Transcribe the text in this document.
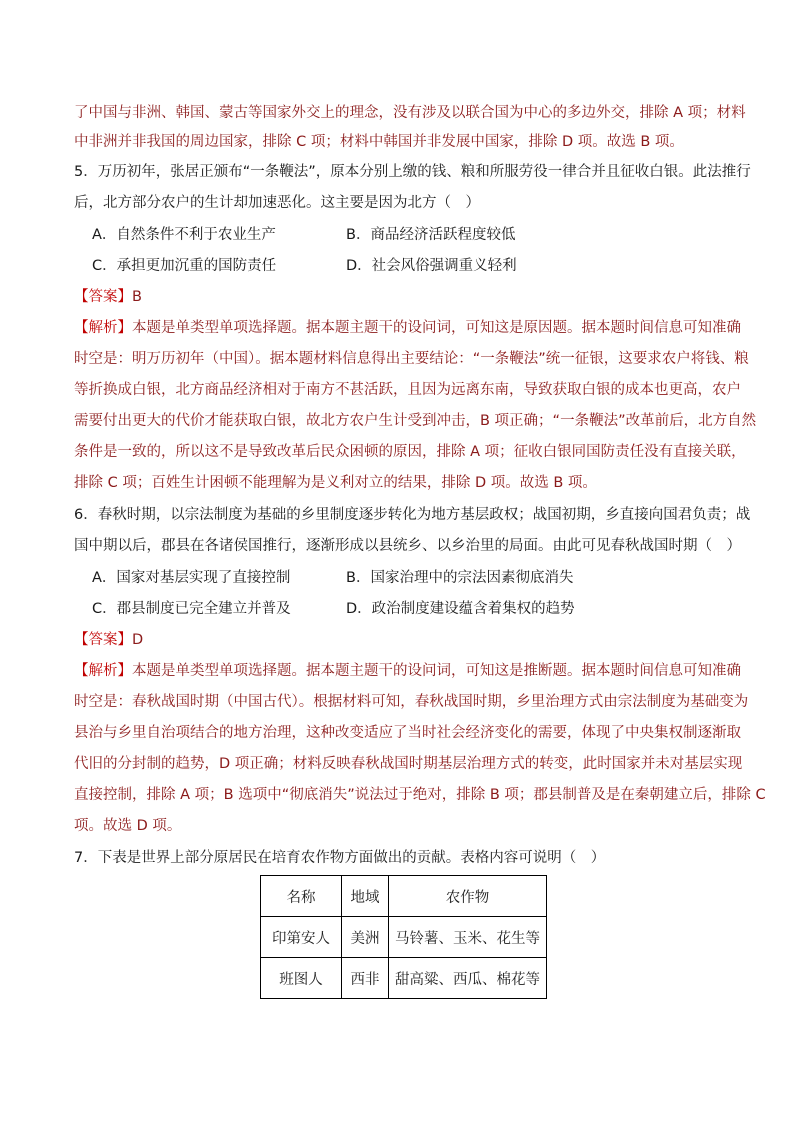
了中国与非洲、韩国、蒙古等国家外交上的理念，没有涉及以联合国为中心的多边外交，排除 A 项；材料
中非洲并非我国的周边国家，排除 C 项；材料中韩国并非发展中国家，排除 D 项。故选 B 项。
5．万历初年，张居正颁布“一条鞭法”，原本分别上缴的钱、粮和所服劳役一律合并且征收白银。此法推行
后，北方部分农户的生计却加速恶化。这主要是因为北方（　）
A．自然条件不利于农业生产	B．商品经济活跃程度较低
C．承担更加沉重的国防责任	D．社会风俗强调重义轻利
【答案】B
【解析】本题是单类型单项选择题。据本题主题干的设问词，可知这是原因题。据本题时间信息可知准确
时空是：明万历初年（中国）。据本题材料信息得出主要结论：“一条鞭法”统一征银，这要求农户将钱、粮
等折换成白银，北方商品经济相对于南方不甚活跃，且因为远离东南，导致获取白银的成本也更高，农户
需要付出更大的代价才能获取白银，故北方农户生计受到冲击，B 项正确；“一条鞭法”改革前后，北方自然
条件是一致的，所以这不是导致改革后民众困顿的原因，排除 A 项；征收白银同国防责任没有直接关联，
排除 C 项；百姓生计困顿不能理解为是义利对立的结果，排除 D 项。故选 B 项。
6．春秋时期，以宗法制度为基础的乡里制度逐步转化为地方基层政权；战国初期，乡直接向国君负责；战
国中期以后，郡县在各诸侯国推行，逐渐形成以县统乡、以乡治里的局面。由此可见春秋战国时期（　）
A．国家对基层实现了直接控制	B．国家治理中的宗法因素彻底消失
C．郡县制度已完全建立并普及	D．政治制度建设蕴含着集权的趋势
【答案】D
【解析】本题是单类型单项选择题。据本题主题干的设问词，可知这是推断题。据本题时间信息可知准确
时空是：春秋战国时期（中国古代）。根据材料可知，春秋战国时期，乡里治理方式由宗法制度为基础变为
县治与乡里自治项结合的地方治理，这种改变适应了当时社会经济变化的需要，体现了中央集权制逐渐取
代旧的分封制的趋势，D 项正确；材料反映春秋战国时期基层治理方式的转变，此时国家并未对基层实现
直接控制，排除 A 项；B 选项中“彻底消失”说法过于绝对，排除 B 项；郡县制普及是在秦朝建立后，排除 C
项。故选 D 项。
7．下表是世界上部分原居民在培育农作物方面做出的贡献。表格内容可说明（　）
名称	地域	农作物
印第安人	美洲	马铃薯、玉米、花生等
班图人	西非	甜高粱、西瓜、棉花等
